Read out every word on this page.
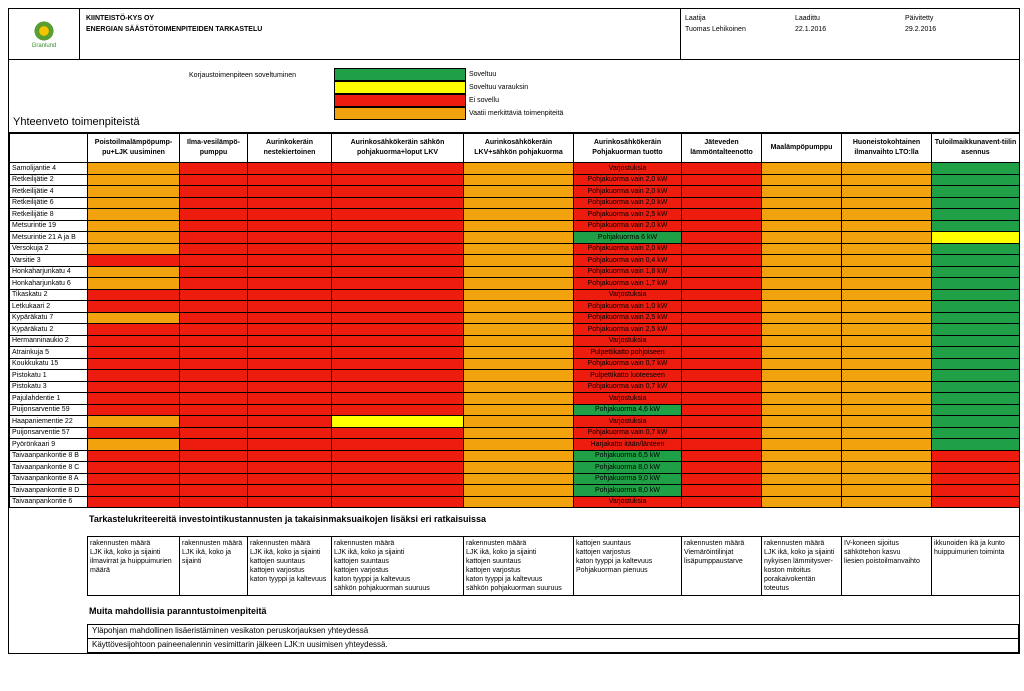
Granlund
KIINTEISTÖ-KYS OY
ENERGIAN SÄÄSTÖTOIMENPITEIDEN TARKASTELU
Laatija
Tuomas Lehikoinen
Laadittu
22.1.2016
Päivitetty
29.2.2016
Korjaustoimenpiteen soveltuminen	Soveltuu
Soveltuu varauksin
Ei sovellu
Vaatii merkittäviä toimenpiteitä
Yhteenveto toimenpiteistä
	Poistoilmalämpöpump-pu+LJK uusiminen	Ilma-vesilämpö-pumppu	Aurinkokeräin nestekiertoinen	Aurinkosähkökeräin sähkön pohjakuorma+loput LKV	Aurinkosähkökeräin LKV+sähkön pohjakuorma	Aurinkosähkökeräin Pohjakuorman tuotto	Jäteveden lämmöntalteenotto	Maalämpöpumppu	Huoneistokohtainen ilmanvaihto LTO:lla	Tuloilmaikkunavent-tiilin asennus
Samolijantie 4						Varjostuksia				
Retkeilijätie 2						Pohjakuorma vain 2,0 kW				
Retkeilijätie 4						Pohjakuorma vain 2,0 kW				
Retkeilijätie 6						Pohjakuorma vain 2,0 kW				
Retkeilijätie 8						Pohjakuorma vain 2,5 kW				
Metsurintie 19						Pohjakuorma vain 2,0 kW				
Metsurintie 21 A ja B						Pohjakuorma 6 kW				
Versokuja 2						Pohjakuorma vain 2,0 kW				
Varsitie 3						Pohjakuorma vain 0,4 kW				
Honkaharjunkatu 4						Pohjakuorma vain 1,8 kW				
Honkaharjunkatu 6						Pohjakuorma vain 1,7 kW				
Tikaskatu 2						Varjostuksia				
Letkukaari 2						Pohjakuorma vain 1,0 kW				
Kypäräkatu 7						Pohjakuorma vain 2,5 kW				
Kypäräkatu 2						Pohjakuorma vain 2,5 kW				
Hermanninaukio 2						Varjostuksia				
Atrainkuja 5						Pulpettikatto pohjoiseen				
Koukkukatu 15						Pohjakuorma vain 0,7 kW				
Pistokatu 1						Pulpettikatto luoteeseen				
Pistokatu 3						Pohjakuorma vain 0,7 kW				
Pajulahdentie 1						Varjostuksia				
Puijonsarventie 59						Pohjakuorma 4,6 kW				
Haapaniementie 22						Varjostuksia				
Puijonsarventie 57						Pohjakuorma vain 0,7 kW				
Pyörönkaari 9						Harjakatto itään/länteen				
Taivaanpankontie 8 B						Pohjakuorma 6,5 kW				
Taivaanpankontie 8 C						Pohjakuorma 8,0 kW				
Taivaanpankontie 8 A						Pohjakuorma 9,0 kW				
Taivaanpankontie 8 D						Pohjakuorma 8,0 kW				
Taivaanpankontie 6						Varjostuksia				
Tarkastelukriteereitä investointikustannusten ja takaisinmaksuaikojen lisäksi eri ratkaisuissa
rakennusten määrä
LJK ikä, koko ja sijainti
ilmavirrat ja huippuimurien
määrä

rakennusten määrä
LJK ikä, koko ja
sijainti

rakennusten määrä
LJK ikä, koko ja sijainti
kattojen suuntaus
kattojen varjostus
katon tyyppi ja kaltevuus

rakennusten määrä
LJK ikä, koko ja sijainti
kattojen suuntaus
kattojen varjostus
katon tyyppi ja kaltevuus
sähkön pohjakuorman suuruus

rakennusten määrä
LJK ikä, koko ja sijainti
kattojen suuntaus
kattojen varjostus
katon tyyppi ja kaltevuus
sähkön pohjakuorman suuruus

kattojen suuntaus
kattojen varjostus
katon tyyppi ja kaltevuus
Pohjakuorman pienuus

rakennusten määrä
Viemäröintilinjat
lisäpumppaustarve

rakennusten määrä
LJK ikä, koko ja sijainti
nykyisen lämmitysver-
koston mitoitus
porakaivokentän
toteutus

IV-koneen sijoitus
sähkötehon kasvu
liesien poistoilmanvaihto

ikkunoiden ikä ja kunto
huippuimurien toiminta
Muita mahdollisia paranntustoimenpiteitä
Yläpohjan mahdollinen lisäeristäminen vesikaton peruskorjauksen yhteydessä
Käyttövesijohtoon paineenalennin vesimittarin jälkeen LJK:n uusimisen yhteydessä.
